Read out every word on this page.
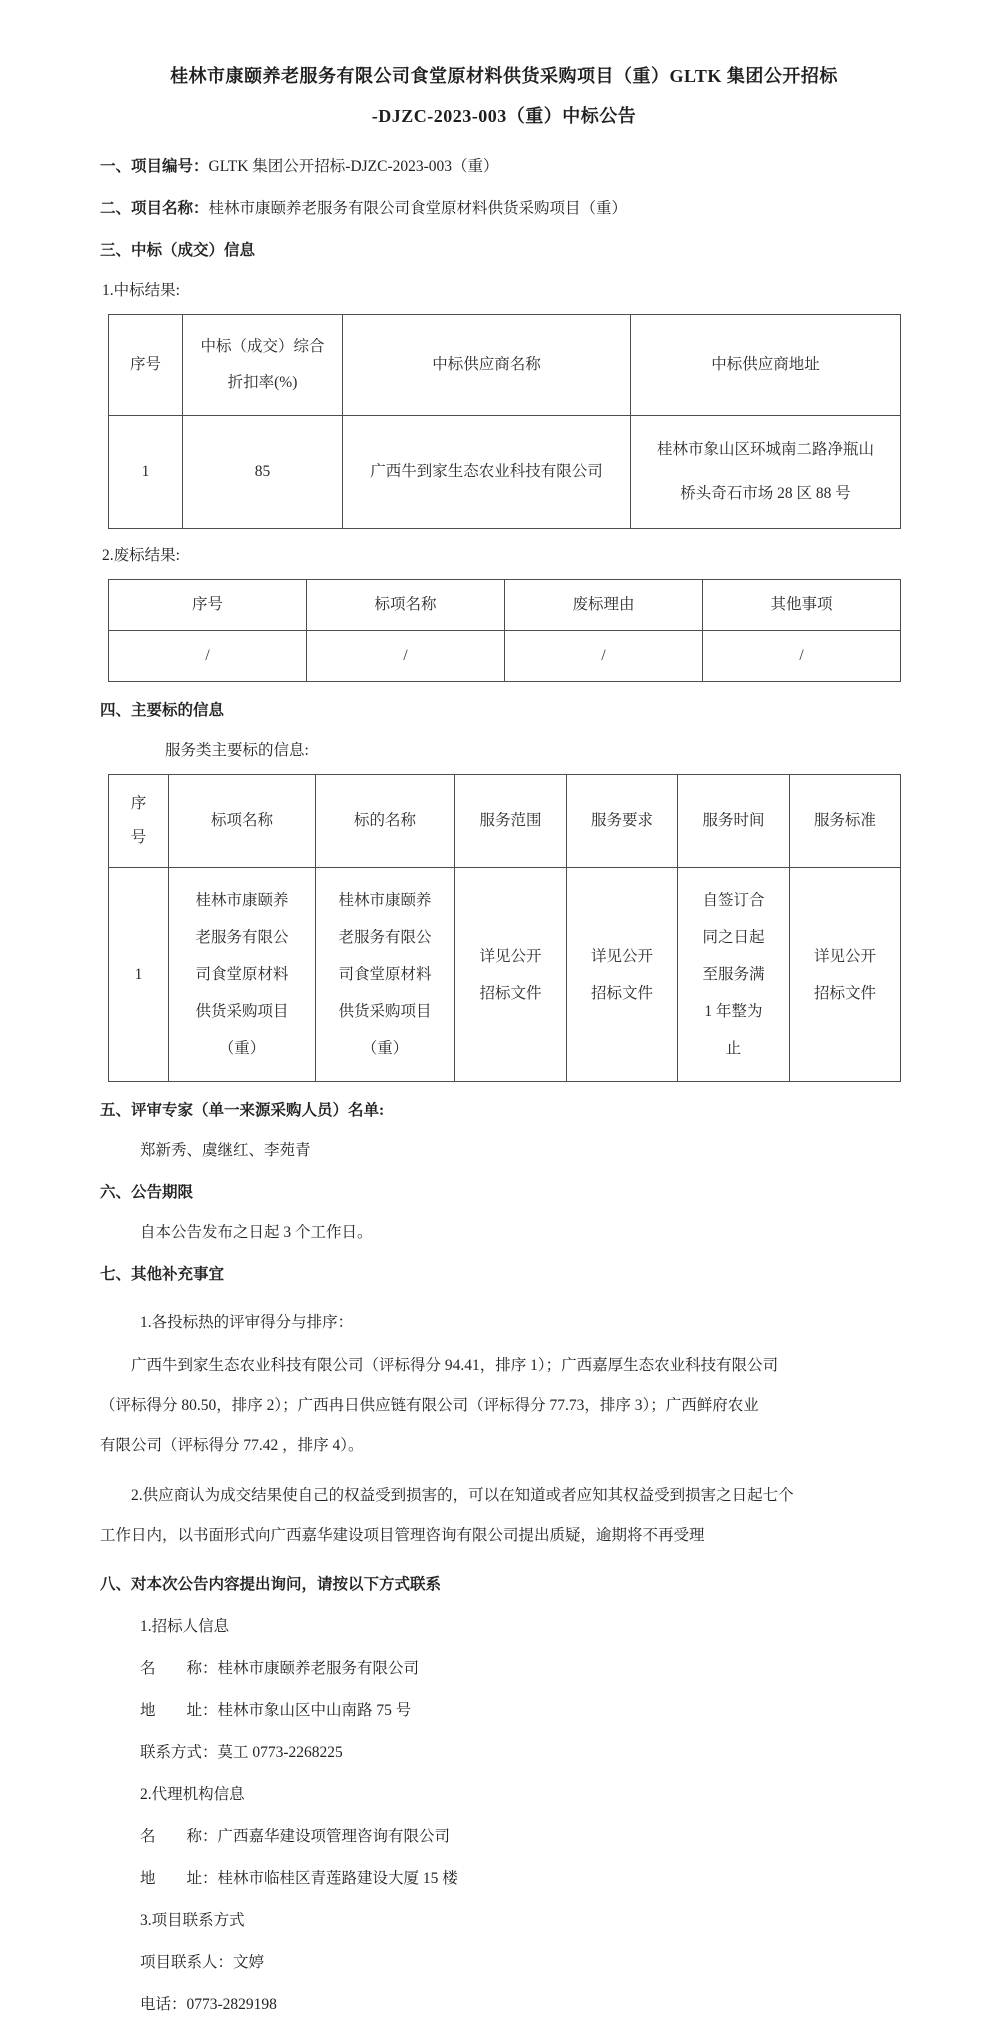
桂林市康颐养老服务有限公司食堂原材料供货采购项目（重）GLTK 集团公开招标
-DJZC-2023-003（重）中标公告
一、项目编号：GLTK 集团公开招标-DJZC-2023-003（重）
二、项目名称：桂林市康颐养老服务有限公司食堂原材料供货采购项目（重）
三、中标（成交）信息
1.中标结果:
序号	中标（成交）综合折扣率(%)	中标供应商名称	中标供应商地址
1	85	广西牛到家生态农业科技有限公司	桂林市象山区环城南二路净瓶山桥头奇石市场 28 区 88 号
2.废标结果:
序号	标项名称	废标理由	其他事项
/	/	/	/
四、主要标的信息
服务类主要标的信息:
序号	标项名称	标的名称	服务范围	服务要求	服务时间	服务标准
1	桂林市康颐养老服务有限公司食堂原材料供货采购项目（重）	桂林市康颐养老服务有限公司食堂原材料供货采购项目（重）	详见公开招标文件	详见公开招标文件	自签订合同之日起至服务满 1 年整为止	详见公开招标文件
五、评审专家（单一来源采购人员）名单:
郑新秀、虞继红、李苑青
六、公告期限
自本公告发布之日起 3 个工作日。
七、其他补充事宜
1.各投标热的评审得分与排序：
广西牛到家生态农业科技有限公司（评标得分 94.41，排序 1）；广西嘉厚生态农业科技有限公司
（评标得分 80.50，排序 2）；广西冉日供应链有限公司（评标得分 77.73，排序 3）；广西鲜府农业
有限公司（评标得分 77.42 ，排序 4）。
2.供应商认为成交结果使自己的权益受到损害的，可以在知道或者应知其权益受到损害之日起七个
工作日内，以书面形式向广西嘉华建设项目管理咨询有限公司提出质疑，逾期将不再受理
八、对本次公告内容提出询问，请按以下方式联系
1.招标人信息
名　　称：桂林市康颐养老服务有限公司
地　　址：桂林市象山区中山南路 75 号
联系方式：莫工 0773-2268225
2.代理机构信息
名　　称：广西嘉华建设项管理咨询有限公司
地　　址：桂林市临桂区青莲路建设大厦 15 楼
3.项目联系方式
项目联系人：文婷
电话：0773-2829198
